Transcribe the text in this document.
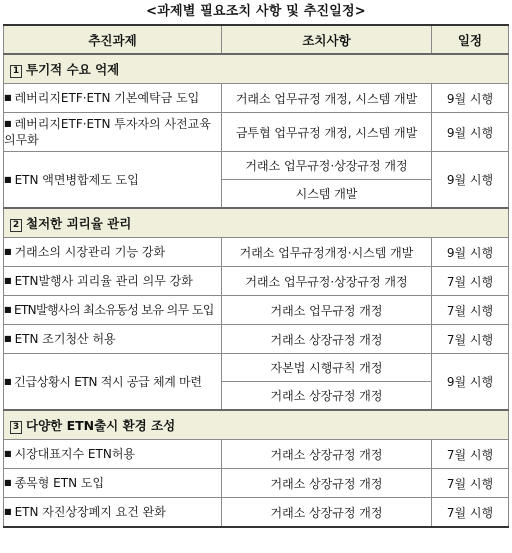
<과제별 필요조치 사항 및 추진일정>
추진과제	조치사항	일정
1 투기적 수요 억제		
■ 레버리지ETF·ETN 기본예탁금 도입	거래소 업무규정 개정, 시스템 개발	9월 시행
■ 레버리지ETF·ETN 투자자의 사전교육 의무화	금투협 업무규정 개정, 시스템 개발	9월 시행
■ ETN 액면병합제도 도입	거래소 업무규정·상장규정 개정	9월 시행
	시스템 개발	
2 철저한 괴리율 관리		
■ 거래소의 시장관리 기능 강화	거래소 업무규정개정·시스템 개발	9월 시행
■ ETN발행사 괴리율 관리 의무 강화	거래소 업무규정·상장규정 개정	7월 시행
■ ETN발행사의 최소유동성 보유 의무 도입	거래소 업무규정 개정	7월 시행
■ ETN 조기청산 허용	거래소 상장규정 개정	7월 시행
■ 긴급상황시 ETN 적시 공급 체계 마련	자본법 시행규칙 개정	9월 시행
	거래소 상장규정 개정	
3 다양한 ETN출시 환경 조성		
■ 시장대표지수 ETN허용	거래소 상장규정 개정	7월 시행
■ 종목형 ETN 도입	거래소 상장규정 개정	7월 시행
■ ETN 자진상장폐지 요건 완화	거래소 상장규정 개정	7월 시행
